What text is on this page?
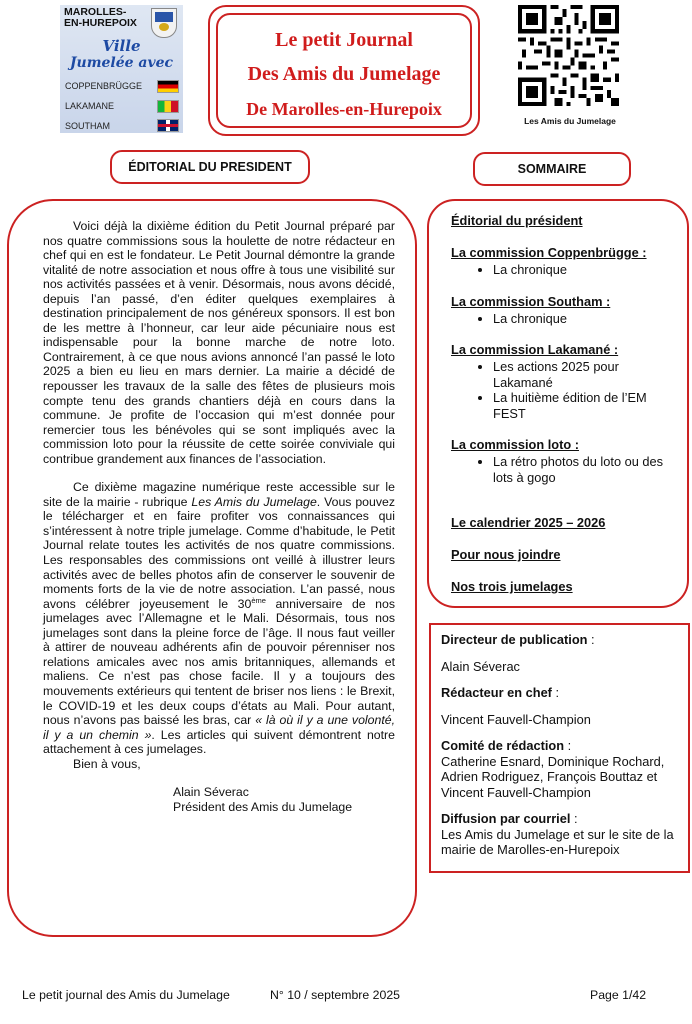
MAROLLES-EN-HUREPOIX
Ville
Jumelée avec
COPPENBRÜGGE
LAKAMANE
SOUTHAM
Le petit Journal
Des Amis du Jumelage
De Marolles-en-Hurepoix
Les Amis du Jumelage
ÉDITORIAL DU PRESIDENT	SOMMAIRE

Voici déjà la dixième édition du Petit Journal préparé par nos quatre commissions sous la houlette de notre rédacteur en chef qui en est le fondateur. Le Petit Journal démontre la grande vitalité de notre association et nous offre à tous une visibilité sur nos activités passées et à venir. Désormais, nous avons décidé, depuis l’an passé, d’en éditer quelques exemplaires à destination principalement de nos généreux sponsors. Il est bon de les mettre à l’honneur, car leur aide pécuniaire nous est indispensable pour la bonne marche de notre loto. Contrairement, à ce que nous avions annoncé l’an passé le loto 2025 a bien eu lieu en mars dernier. La mairie a décidé de repousser les travaux de la salle des fêtes de plusieurs mois compte tenu des grands chantiers déjà en cours dans la commune. Je profite de l’occasion qui m’est donnée pour remercier tous les bénévoles qui se sont impliqués avec la commission loto pour la réussite de cette soirée conviviale qui contribue grandement aux finances de l’association.

Ce dixième magazine numérique reste accessible sur le site de la mairie - rubrique Les Amis du Jumelage. Vous pouvez le télécharger et en faire profiter vos connaissances qui s’intéressent à notre triple jumelage. Comme d’habitude, le Petit Journal relate toutes les activités de nos quatre commissions. Les responsables des commissions ont veillé à illustrer leurs activités avec de belles photos afin de conserver le souvenir de moments forts de la vie de notre association. L’an passé, nous avons célébrer joyeusement le 30ème anniversaire de nos jumelages avec l’Allemagne et le Mali. Désormais, tous nos jumelages sont dans la pleine force de l’âge. Il nous faut veiller à attirer de nouveau adhérents afin de pouvoir pérenniser nos relations amicales avec nos amis britanniques, allemands et maliens. Ce n’est pas chose facile. Il y a toujours des mouvements extérieurs qui tentent de briser nos liens : le Brexit, le COVID-19 et les deux coups d’états au Mali. Pour autant, nous n’avons pas baissé les bras, car « là où il y a une volonté, il y a un chemin ». Les articles qui suivent démontrent notre attachement à ces jumelages.

Bien à vous,

Alain Séverac

Président des Amis du Jumelage

Éditorial du président

La commission Coppenbrügge :

• La chronique

La commission Southam :

• La chronique

La commission Lakamané :

• Les actions 2025 pour Lakamané
• La huitième édition de l’EM FEST

La commission loto :

• La rétro photos du loto ou des lots à gogo

Le calendrier 2025 – 2026

Pour nous joindre

Nos trois jumelages

Directeur de publication :

Alain Séverac

Rédacteur en chef :

Vincent Fauvell-Champion

Comité de rédaction :

Catherine Esnard, Dominique Rochard, Adrien Rodriguez, François Bouttaz et Vincent Fauvell-Champion

Diffusion par courriel :

Les Amis du Jumelage et sur le site de la mairie de Marolles-en-Hurepoix

Le petit journal des Amis du Jumelage	N° 10 / septembre 2025	Page 1/42
